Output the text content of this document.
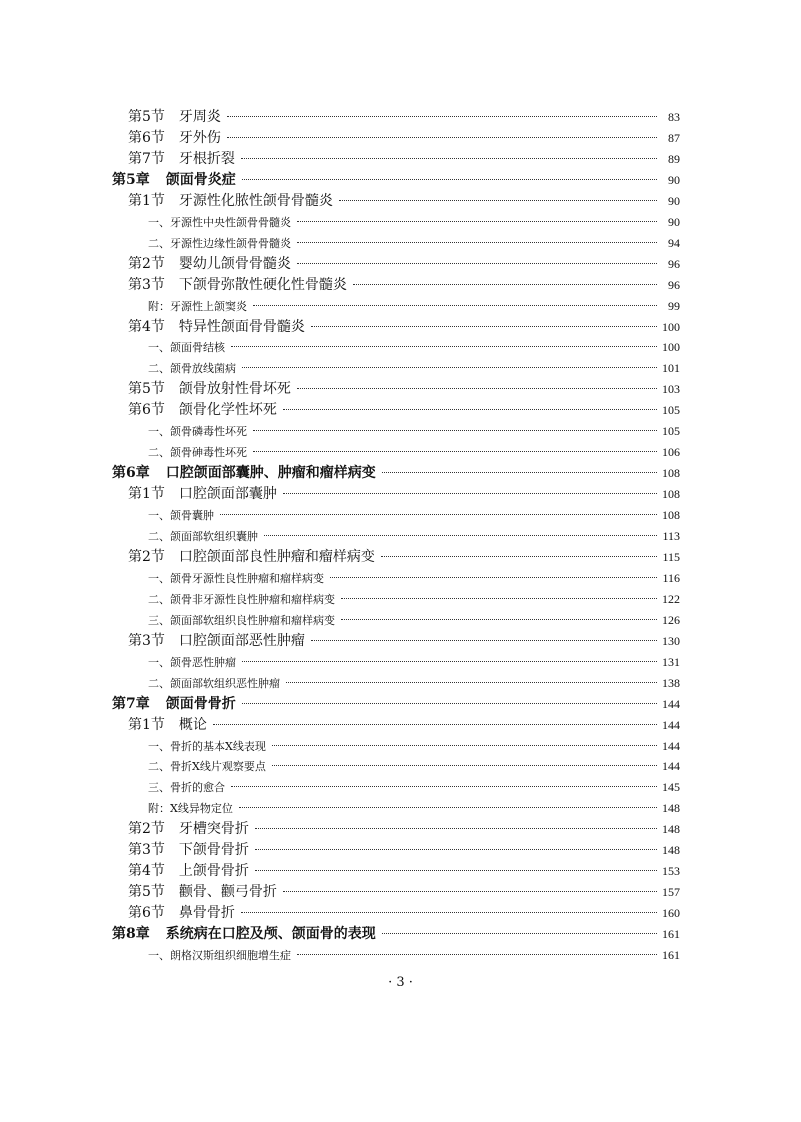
第5节 牙周炎	83
第6节 牙外伤	87
第7节 牙根折裂	89
第5章 颌面骨炎症	90
第1节 牙源性化脓性颌骨骨髓炎	90
一、牙源性中央性颌骨骨髓炎	90
二、牙源性边缘性颌骨骨髓炎	94
第2节 婴幼儿颌骨骨髓炎	96
第3节 下颌骨弥散性硬化性骨髓炎	96
附：牙源性上颌窦炎	99
第4节 特异性颌面骨骨髓炎	100
一、颌面骨结核	100
二、颌骨放线菌病	101
第5节 颌骨放射性骨坏死	103
第6节 颌骨化学性坏死	105
一、颌骨磷毒性坏死	105
二、颌骨砷毒性坏死	106
第6章 口腔颌面部囊肿、肿瘤和瘤样病变	108
第1节 口腔颌面部囊肿	108
一、颌骨囊肿	108
二、颌面部软组织囊肿	113
第2节 口腔颌面部良性肿瘤和瘤样病变	115
一、颌骨牙源性良性肿瘤和瘤样病变	116
二、颌骨非牙源性良性肿瘤和瘤样病变	122
三、颌面部软组织良性肿瘤和瘤样病变	126
第3节 口腔颌面部恶性肿瘤	130
一、颌骨恶性肿瘤	131
二、颌面部软组织恶性肿瘤	138
第7章 颌面骨骨折	144
第1节 概论	144
一、骨折的基本X线表现	144
二、骨折X线片观察要点	144
三、骨折的愈合	145
附：X线异物定位	148
第2节 牙槽突骨折	148
第3节 下颌骨骨折	148
第4节 上颌骨骨折	153
第5节 颧骨、颧弓骨折	157
第6节 鼻骨骨折	160
第8章 系统病在口腔及颅、颌面骨的表现	161
一、朗格汉斯组织细胞增生症	161
· 3 ·
